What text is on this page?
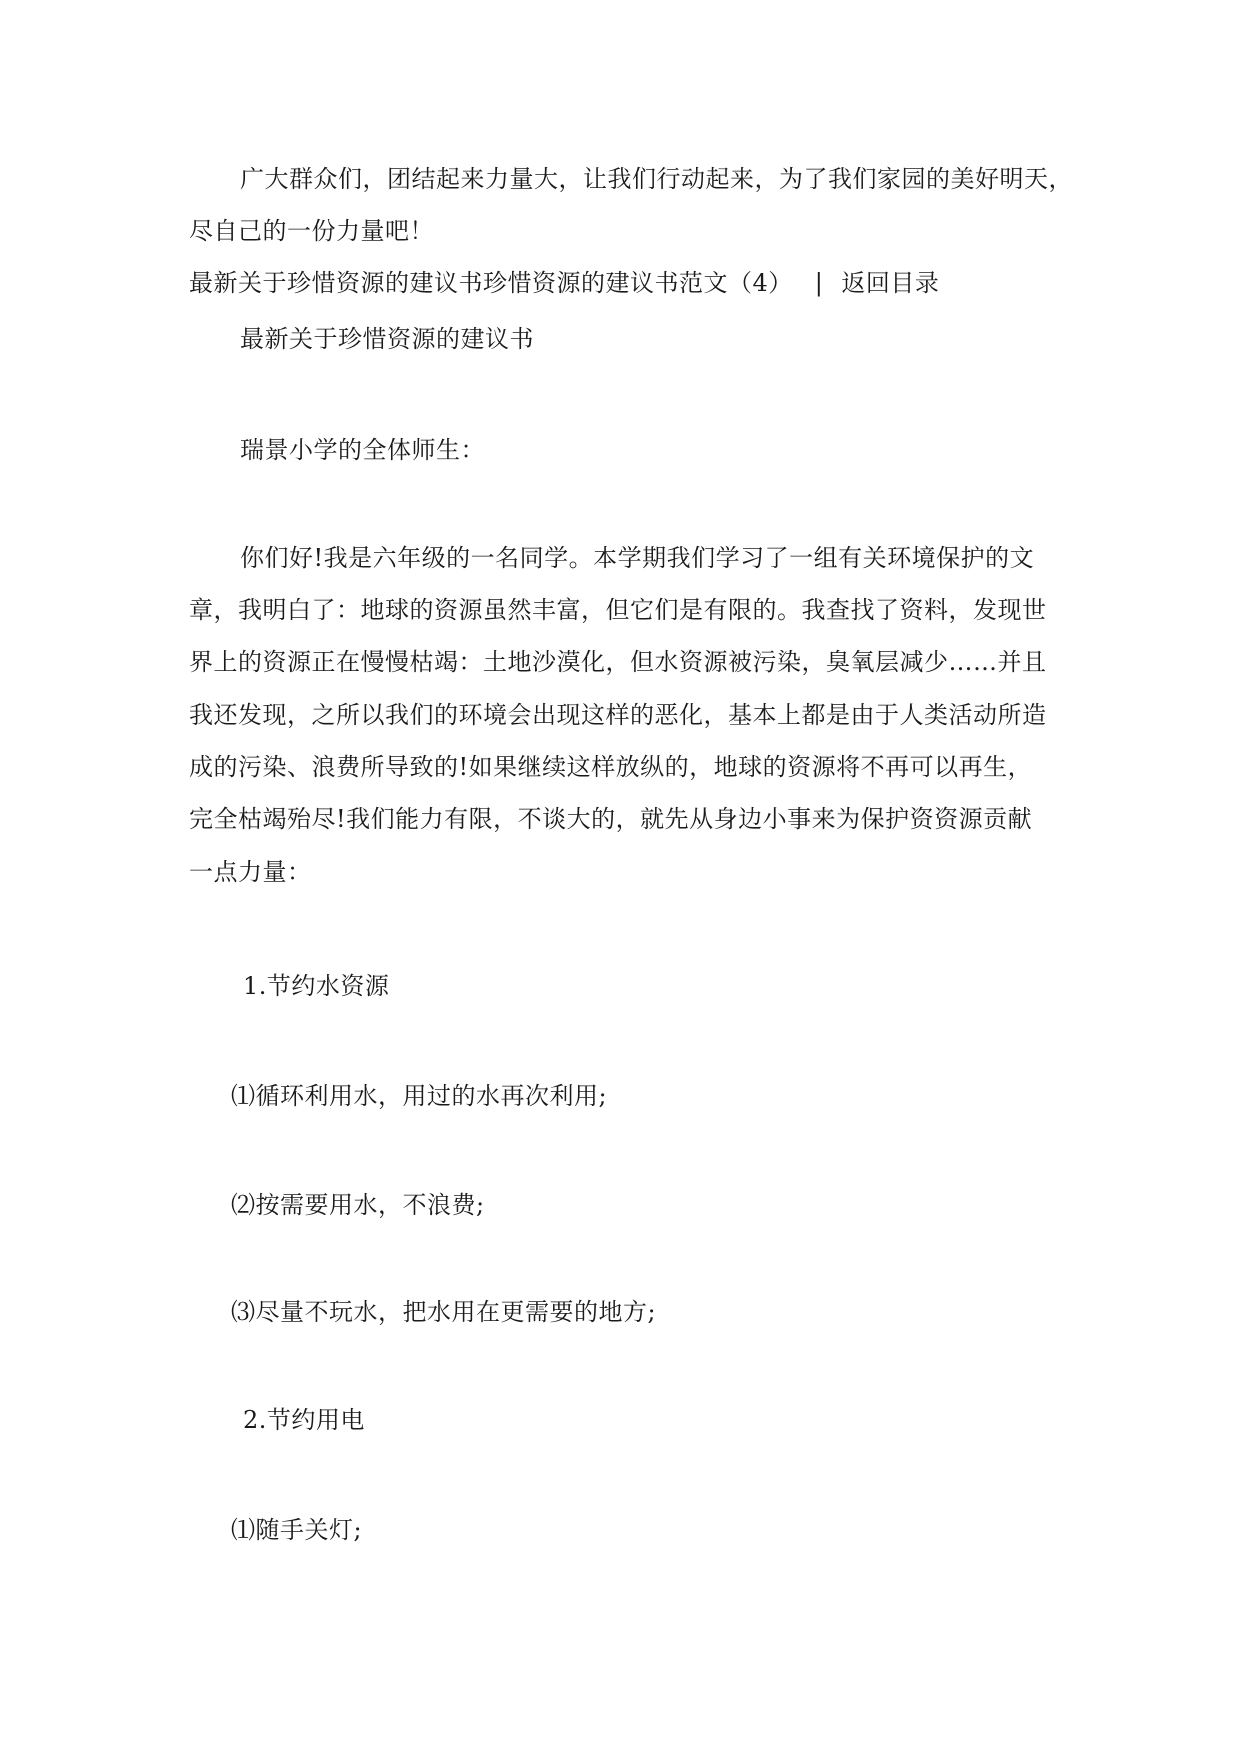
广大群众们，团结起来力量大，让我们行动起来，为了我们家园的美好明天，
尽自己的一份力量吧！
最新关于珍惜资源的建议书珍惜资源的建议书范文（4） | 返回目录
最新关于珍惜资源的建议书
瑞景小学的全体师生：
你们好!我是六年级的一名同学。本学期我们学习了一组有关环境保护的文
章，我明白了：地球的资源虽然丰富，但它们是有限的。我查找了资料，发现世
界上的资源正在慢慢枯竭：土地沙漠化，但水资源被污染，臭氧层减少……并且
我还发现，之所以我们的环境会出现这样的恶化，基本上都是由于人类活动所造
成的污染、浪费所导致的!如果继续这样放纵的，地球的资源将不再可以再生，
完全枯竭殆尽!我们能力有限，不谈大的，就先从身边小事来为保护资资源贡献
一点力量：
1.节约水资源
⑴循环利用水，用过的水再次利用;
⑵按需要用水，不浪费;
⑶尽量不玩水，把水用在更需要的地方;
2.节约用电
⑴随手关灯;
